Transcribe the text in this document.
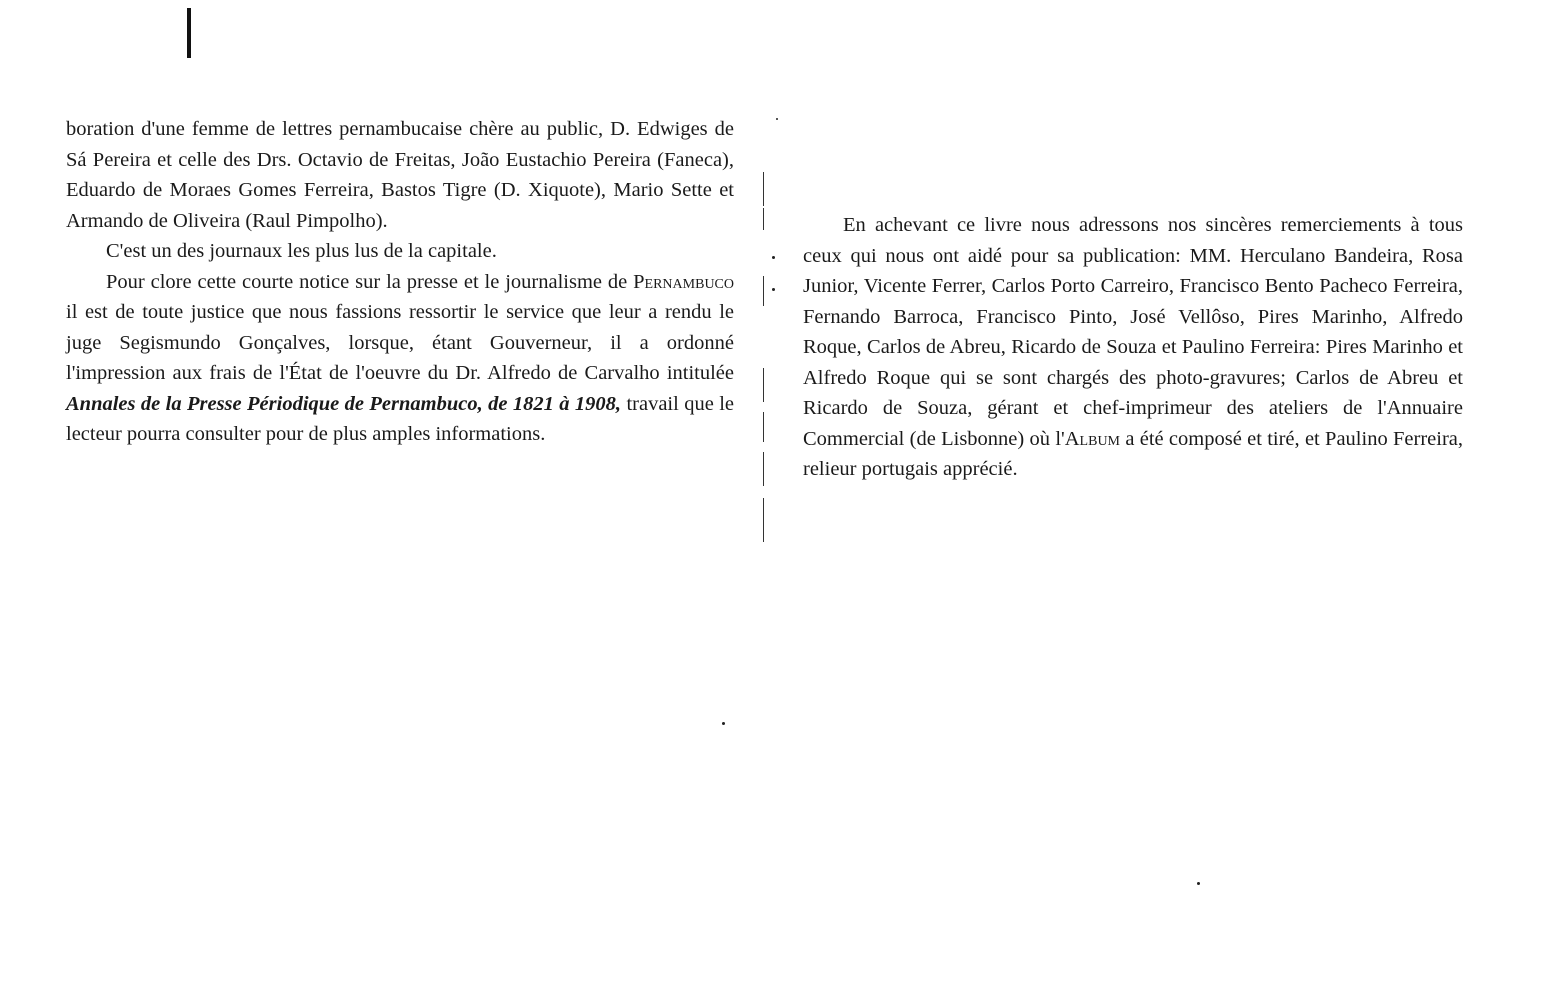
boration d'une femme de lettres pernambucaise chère au public, D. Edwiges de Sá Pereira et celle des Drs. Octavio de Freitas, João Eustachio Pereira (Faneca), Eduardo de Moraes Gomes Ferreira, Bastos Tigre (D. Xiquote), Mario Sette et Armando de Oliveira (Raul Pimpolho).

C'est un des journaux les plus lus de la capitale.

Pour clore cette courte notice sur la presse et le journalisme de Pernambuco il est de toute justice que nous fassions ressortir le service que leur a rendu le juge Segismundo Gonçalves, lorsque, étant Gouverneur, il a ordonné l'impression aux frais de l'État de l'oeuvre du Dr. Alfredo de Carvalho intitulée Annales de la Presse Périodique de Pernambuco, de 1821 à 1908, travail que le lecteur pourra consulter pour de plus amples informations.

En achevant ce livre nous adressons nos sincères remerciements à tous ceux qui nous ont aidé pour sa publication: MM. Herculano Bandeira, Rosa Junior, Vicente Ferrer, Carlos Porto Carreiro, Francisco Bento Pacheco Ferreira, Fernando Barroca, Francisco Pinto, José Vellôso, Pires Marinho, Alfredo Roque, Carlos de Abreu, Ricardo de Souza et Paulino Ferreira: Pires Marinho et Alfredo Roque qui se sont chargés des photo-gravures; Carlos de Abreu et Ricardo de Souza, gérant et chef-imprimeur des ateliers de l'Annuaire Commercial (de Lisbonne) où l'Album a été composé et tiré, et Paulino Ferreira, relieur portugais apprécié.
